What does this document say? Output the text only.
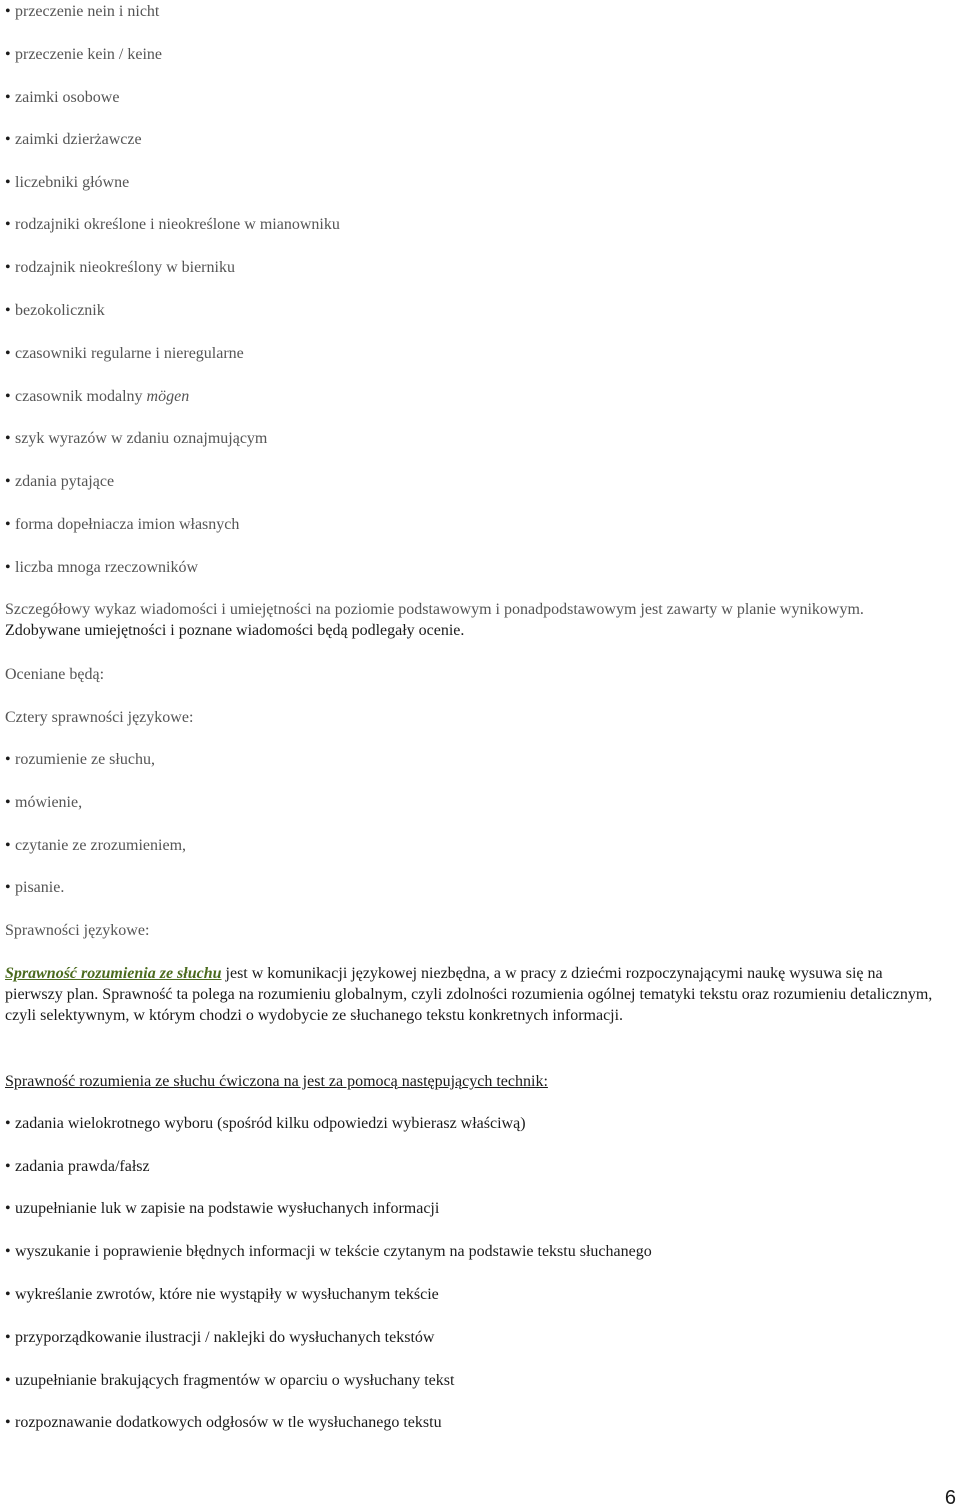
• przeczenie nein i nicht

• przeczenie kein / keine

• zaimki osobowe

• zaimki dzierżawcze

• liczebniki główne

• rodzajniki określone i nieokreślone w mianowniku

• rodzajnik nieokreślony w bierniku

• bezokolicznik

• czasowniki regularne i nieregularne

• czasownik modalny mögen

• szyk wyrazów w zdaniu oznajmującym

• zdania pytające

• forma dopełniacza imion własnych

• liczba mnoga rzeczowników

Szczegółowy wykaz wiadomości i umiejętności na poziomie podstawowym i ponadpodstawowym jest zawarty w planie wynikowym. Zdobywane umiejętności i poznane wiadomości będą podlegały ocenie.

Oceniane będą:

Cztery sprawności językowe:

• rozumienie ze słuchu,

• mówienie,

• czytanie ze zrozumieniem,

• pisanie.

Sprawności językowe:

Sprawność rozumienia ze słuchu jest w komunikacji językowej niezbędna, a w pracy z dziećmi rozpoczynającymi naukę wysuwa się na pierwszy plan. Sprawność ta polega na rozumieniu globalnym, czyli zdolności rozumienia ogólnej tematyki tekstu oraz rozumieniu detalicznym, czyli selektywnym, w którym chodzi o wydobycie ze słuchanego tekstu konkretnych informacji.

Sprawność rozumienia ze słuchu ćwiczona na jest za pomocą następujących technik:

• zadania wielokrotnego wyboru (spośród kilku odpowiedzi wybierasz właściwą)

• zadania prawda/fałsz

• uzupełnianie luk w zapisie na podstawie wysłuchanych informacji

• wyszukanie i poprawienie błędnych informacji w tekście czytanym na podstawie tekstu słuchanego

• wykreślanie zwrotów, które nie wystąpiły w wysłuchanym tekście

• przyporządkowanie ilustracji / naklejki do wysłuchanych tekstów

• uzupełnianie brakujących fragmentów w oparciu o wysłuchany tekst

• rozpoznawanie dodatkowych odgłosów w tle wysłuchanego tekstu

6
